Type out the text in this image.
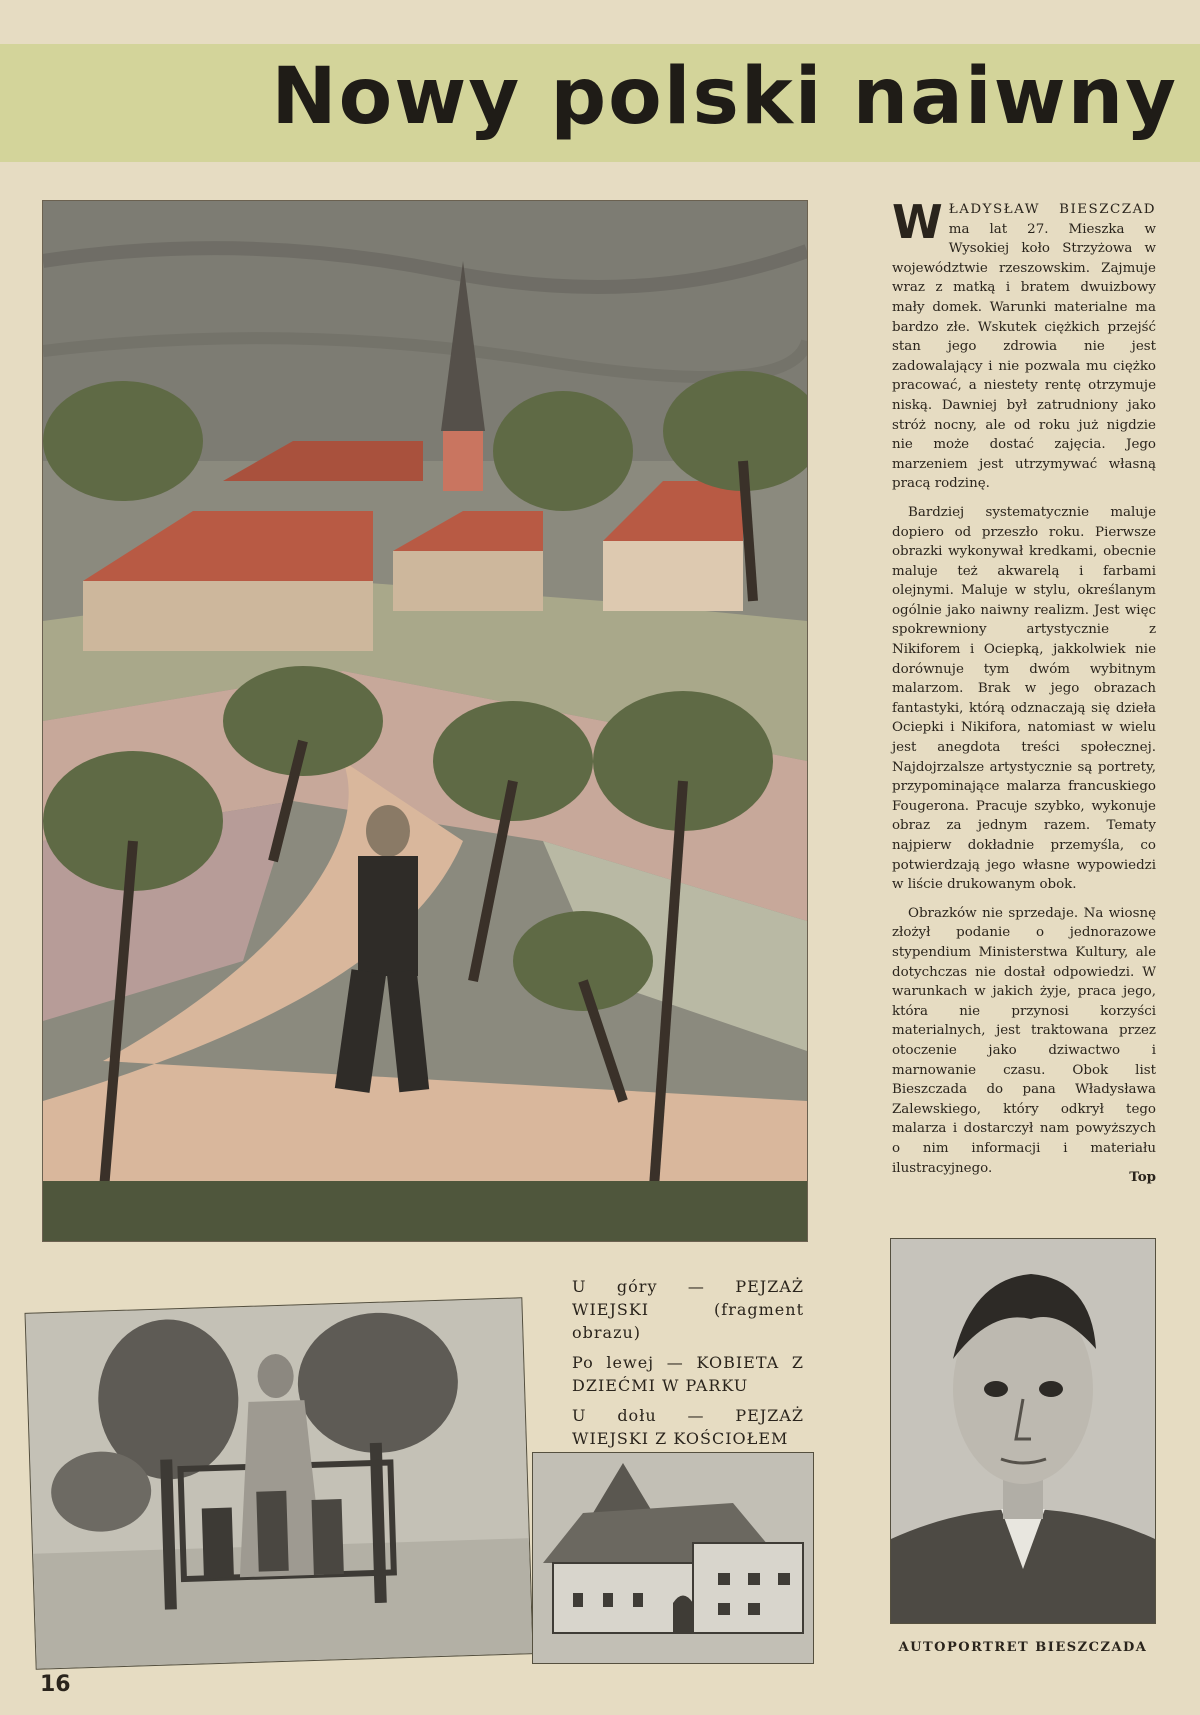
Nowy polski naiwny

WŁADYSŁAW BIESZCZAD ma lat 27. Mieszka w Wysokiej koło Strzyżowa w województwie rzeszowskim. Zajmuje wraz z matką i bratem dwuizbowy mały domek. Warunki materialne ma bardzo złe. Wskutek ciężkich przejść stan jego zdrowia nie jest zadowalający i nie pozwala mu ciężko pracować, a niestety rentę otrzymuje niską. Dawniej był zatrudniony jako stróż nocny, ale od roku już nigdzie nie może dostać zajęcia. Jego marzeniem jest utrzymywać własną pracą rodzinę.

Bardziej systematycznie maluje dopiero od przeszło roku. Pierwsze obrazki wykonywał kredkami, obecnie maluje też akwarelą i farbami olejnymi. Maluje w stylu, określanym ogólnie jako naiwny realizm. Jest więc spokrewniony artystycznie z Nikiforem i Ociepką, jakkolwiek nie dorównuje tym dwóm wybitnym malarzom. Brak w jego obrazach fantastyki, którą odznaczają się dzieła Ociepki i Nikifora, natomiast w wielu jest anegdota treści społecznej. Najdojrzalsze artystycznie są portrety, przypominające malarza francuskiego Fougerona. Pracuje szybko, wykonuje obraz za jednym razem. Tematy najpierw dokładnie przemyśla, co potwierdzają jego własne wypowiedzi w liście drukowanym obok.

Obrazków nie sprzedaje. Na wiosnę złożył podanie o jednorazowe stypendium Ministerstwa Kultury, ale dotychczas nie dostał odpowiedzi. W warunkach w jakich żyje, praca jego, która nie przynosi korzyści materialnych, jest traktowana przez otoczenie jako dziwactwo i marnowanie czasu. Obok list Bieszczada do pana Władysława Zalewskiego, który odkrył tego malarza i dostarczył nam powyższych o nim informacji i materiału ilustracyjnego.

Top

U góry — PEJZAŻ WIEJSKI (fragment obrazu)

Po lewej — KOBIETA Z DZIEĆMI W PARKU

U dołu — PEJZAŻ WIEJSKI Z KOŚCIOŁEM

AUTOPORTRET BIESZCZADA
16
